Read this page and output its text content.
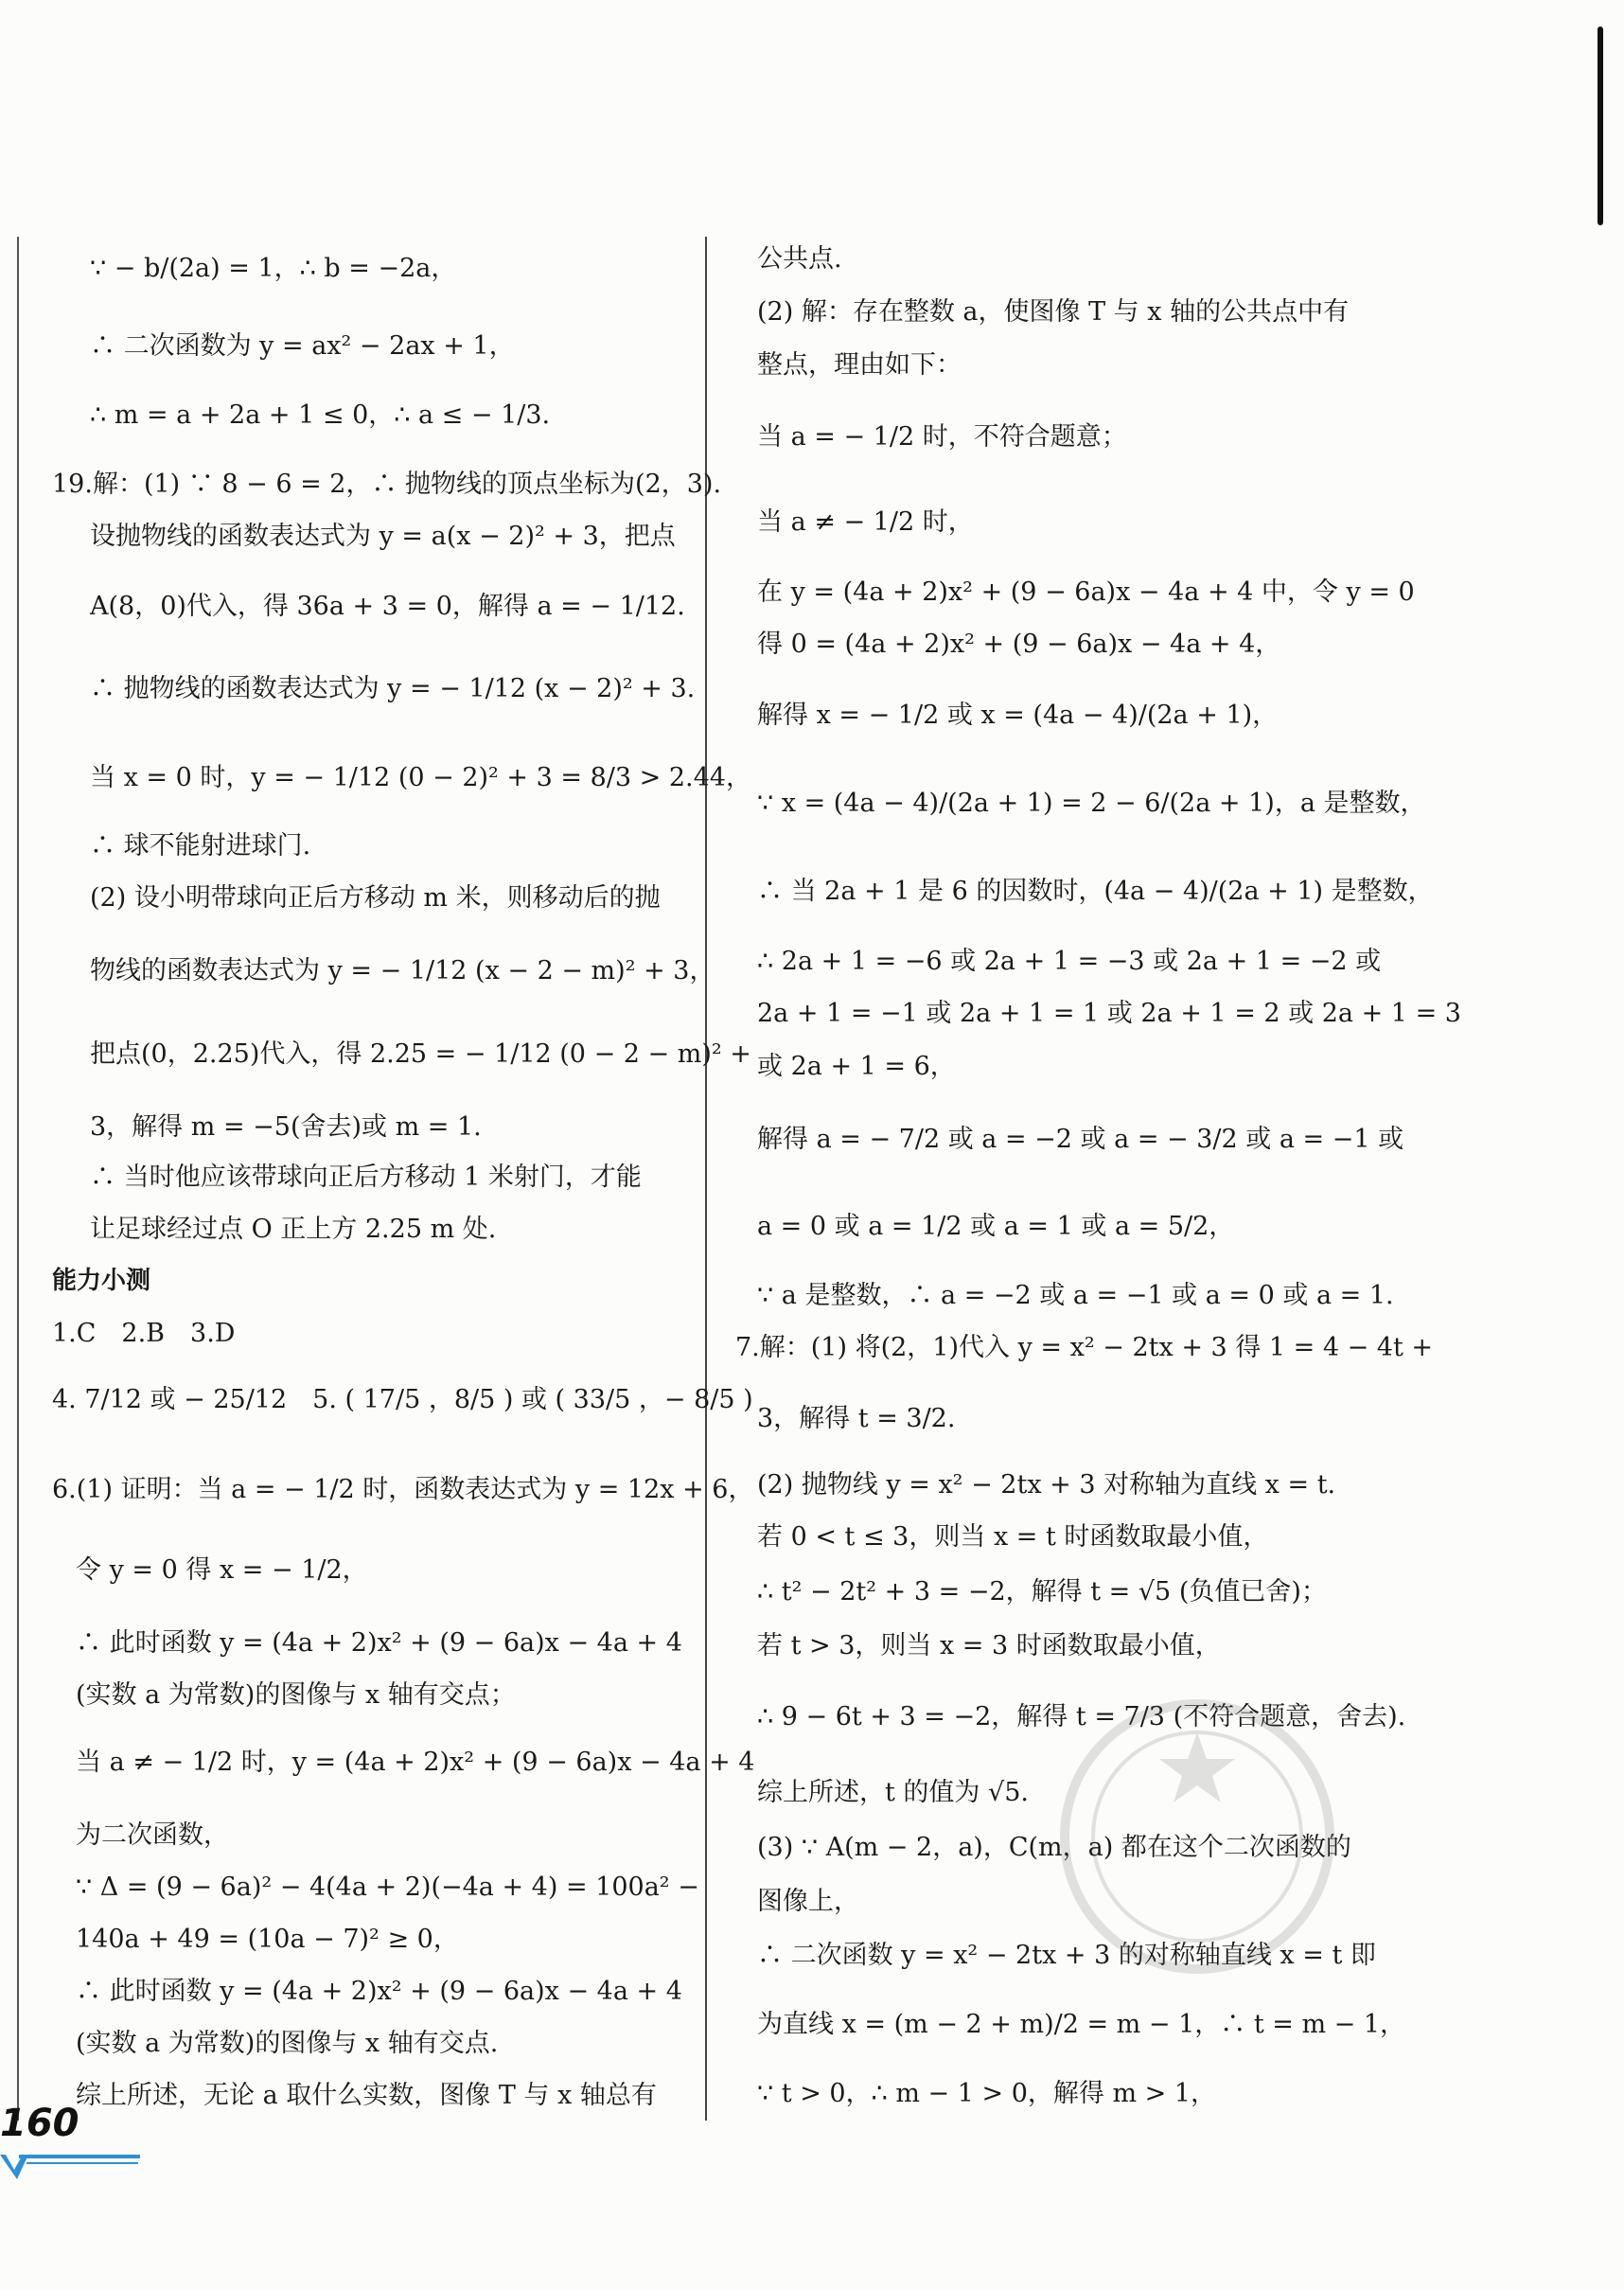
∵ − b/(2a) = 1，∴ b = −2a，
∴ 二次函数为 y = ax² − 2ax + 1，
∴ m = a + 2a + 1 ≤ 0，∴ a ≤ − 1/3.
19.解：(1) ∵ 8 − 6 = 2，∴ 抛物线的顶点坐标为(2，3).
设抛物线的函数表达式为 y = a(x − 2)² + 3，把点
A(8，0)代入，得 36a + 3 = 0，解得 a = − 1/12.
∴ 抛物线的函数表达式为 y = − 1/12 (x − 2)² + 3.
当 x = 0 时，y = − 1/12 (0 − 2)² + 3 = 8/3 > 2.44，
∴ 球不能射进球门.
(2) 设小明带球向正后方移动 m 米，则移动后的抛
物线的函数表达式为 y = − 1/12 (x − 2 − m)² + 3，
把点(0，2.25)代入，得 2.25 = − 1/12 (0 − 2 − m)² +
3，解得 m = −5(舍去)或 m = 1.
∴ 当时他应该带球向正后方移动 1 米射门，才能
让足球经过点 O 正上方 2.25 m 处.
能力小测
1.C　2.B　3.D
4. 7/12 或 − 25/12　5. ( 17/5 ，8/5 ) 或 ( 33/5 ，− 8/5 )
6.(1) 证明：当 a = − 1/2 时，函数表达式为 y = 12x + 6，
令 y = 0 得 x = − 1/2，
∴ 此时函数 y = (4a + 2)x² + (9 − 6a)x − 4a + 4
(实数 a 为常数)的图像与 x 轴有交点；
当 a ≠ − 1/2 时，y = (4a + 2)x² + (9 − 6a)x − 4a + 4
为二次函数，
∵ Δ = (9 − 6a)² − 4(4a + 2)(−4a + 4) = 100a² −
140a + 49 = (10a − 7)² ≥ 0，
∴ 此时函数 y = (4a + 2)x² + (9 − 6a)x − 4a + 4
(实数 a 为常数)的图像与 x 轴有交点.
综上所述，无论 a 取什么实数，图像 T 与 x 轴总有
公共点.
(2) 解：存在整数 a，使图像 T 与 x 轴的公共点中有
整点，理由如下：
当 a = − 1/2 时，不符合题意；
当 a ≠ − 1/2 时，
在 y = (4a + 2)x² + (9 − 6a)x − 4a + 4 中，令 y = 0
得 0 = (4a + 2)x² + (9 − 6a)x − 4a + 4，
解得 x = − 1/2 或 x = (4a − 4)/(2a + 1)，
∵ x = (4a − 4)/(2a + 1) = 2 − 6/(2a + 1)，a 是整数，
∴ 当 2a + 1 是 6 的因数时，(4a − 4)/(2a + 1) 是整数，
∴ 2a + 1 = −6 或 2a + 1 = −3 或 2a + 1 = −2 或
2a + 1 = −1 或 2a + 1 = 1 或 2a + 1 = 2 或 2a + 1 = 3
或 2a + 1 = 6，
解得 a = − 7/2 或 a = −2 或 a = − 3/2 或 a = −1 或
a = 0 或 a = 1/2 或 a = 1 或 a = 5/2，
∵ a 是整数，∴ a = −2 或 a = −1 或 a = 0 或 a = 1.
7.解：(1) 将(2，1)代入 y = x² − 2tx + 3 得 1 = 4 − 4t +
3，解得 t = 3/2.
(2) 抛物线 y = x² − 2tx + 3 对称轴为直线 x = t.
若 0 < t ≤ 3，则当 x = t 时函数取最小值，
∴ t² − 2t² + 3 = −2，解得 t = √5 (负值已舍)；
若 t > 3，则当 x = 3 时函数取最小值，
∴ 9 − 6t + 3 = −2，解得 t = 7/3 (不符合题意，舍去).
综上所述，t 的值为 √5.
(3) ∵ A(m − 2，a)，C(m，a) 都在这个二次函数的
图像上，
∴ 二次函数 y = x² − 2tx + 3 的对称轴直线 x = t 即
为直线 x = (m − 2 + m)/2 = m − 1，∴ t = m − 1，
∵ t > 0，∴ m − 1 > 0，解得 m > 1，
160
